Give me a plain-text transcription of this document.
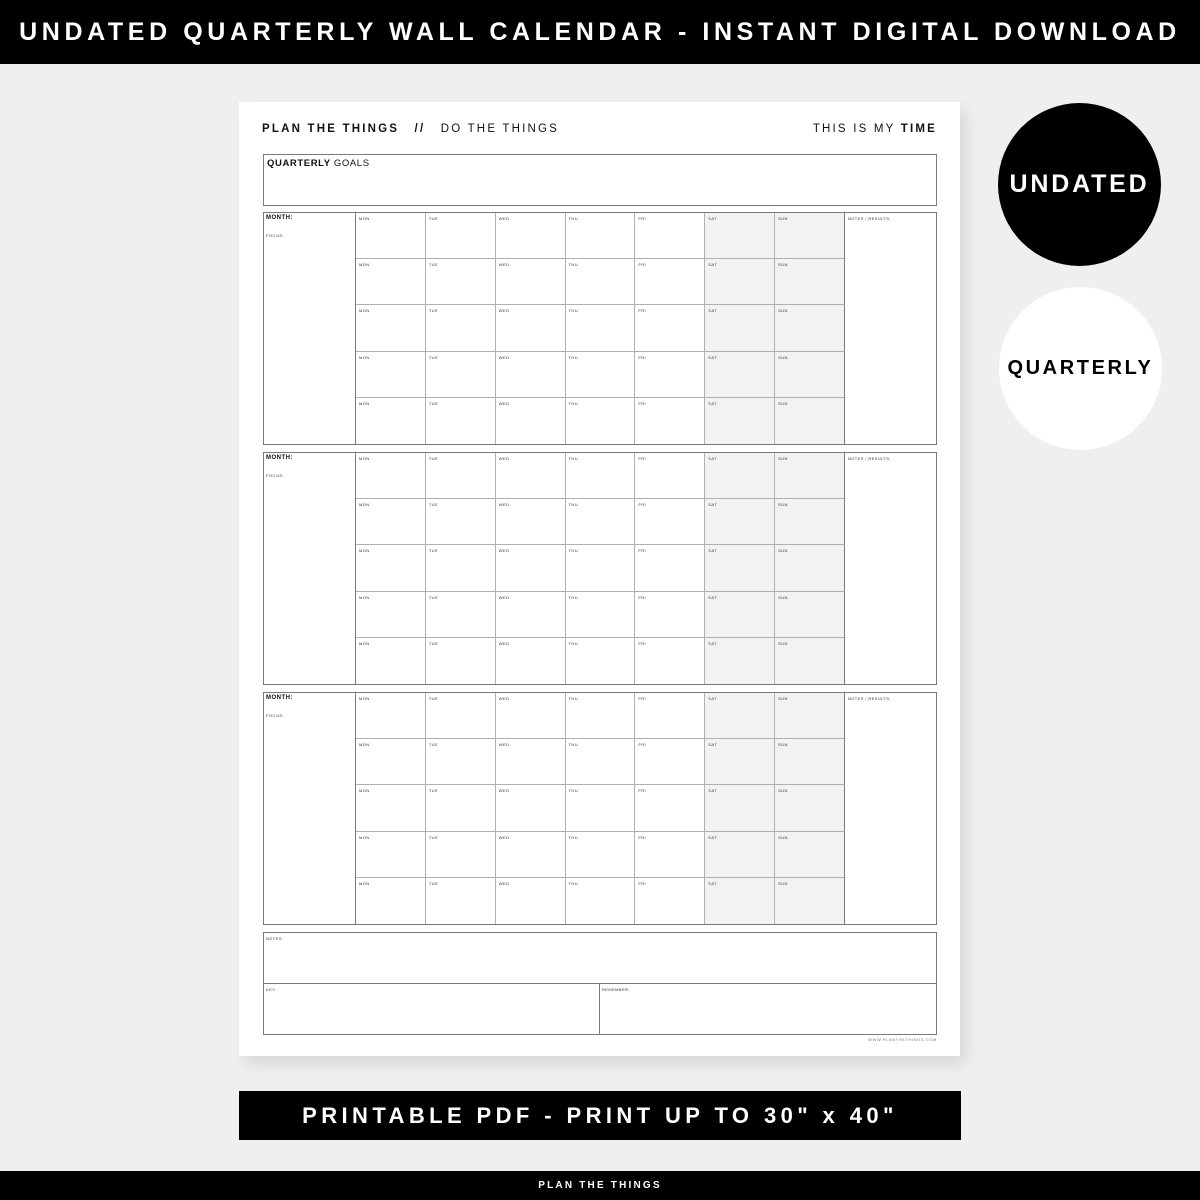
UNDATED QUARTERLY WALL CALENDAR - INSTANT DIGITAL DOWNLOAD
PLAN THE THINGS // DO THE THINGS	THIS IS MY TIME
QUARTERLY GOALS
MONTH:
FOCUS:
MON	TUE	WED	THU	FRI	SAT	SUN
MON	TUE	WED	THU	FRI	SAT	SUN
MON	TUE	WED	THU	FRI	SAT	SUN
MON	TUE	WED	THU	FRI	SAT	SUN
MON	TUE	WED	THU	FRI	SAT	SUN
NOTES / RESULTS:
MONTH:
FOCUS:
MON	TUE	WED	THU	FRI	SAT	SUN
MON	TUE	WED	THU	FRI	SAT	SUN
MON	TUE	WED	THU	FRI	SAT	SUN
MON	TUE	WED	THU	FRI	SAT	SUN
MON	TUE	WED	THU	FRI	SAT	SUN
NOTES / RESULTS:
MONTH:
FOCUS:
MON	TUE	WED	THU	FRI	SAT	SUN
MON	TUE	WED	THU	FRI	SAT	SUN
MON	TUE	WED	THU	FRI	SAT	SUN
MON	TUE	WED	THU	FRI	SAT	SUN
MON	TUE	WED	THU	FRI	SAT	SUN
NOTES / RESULTS:
NOTES:
KEY:	REMEMBER:
WWW.PLANTHETHINGS.COM
UNDATED
QUARTERLY
PRINTABLE PDF - PRINT UP TO 30" x 40"
PLAN THE THINGS
